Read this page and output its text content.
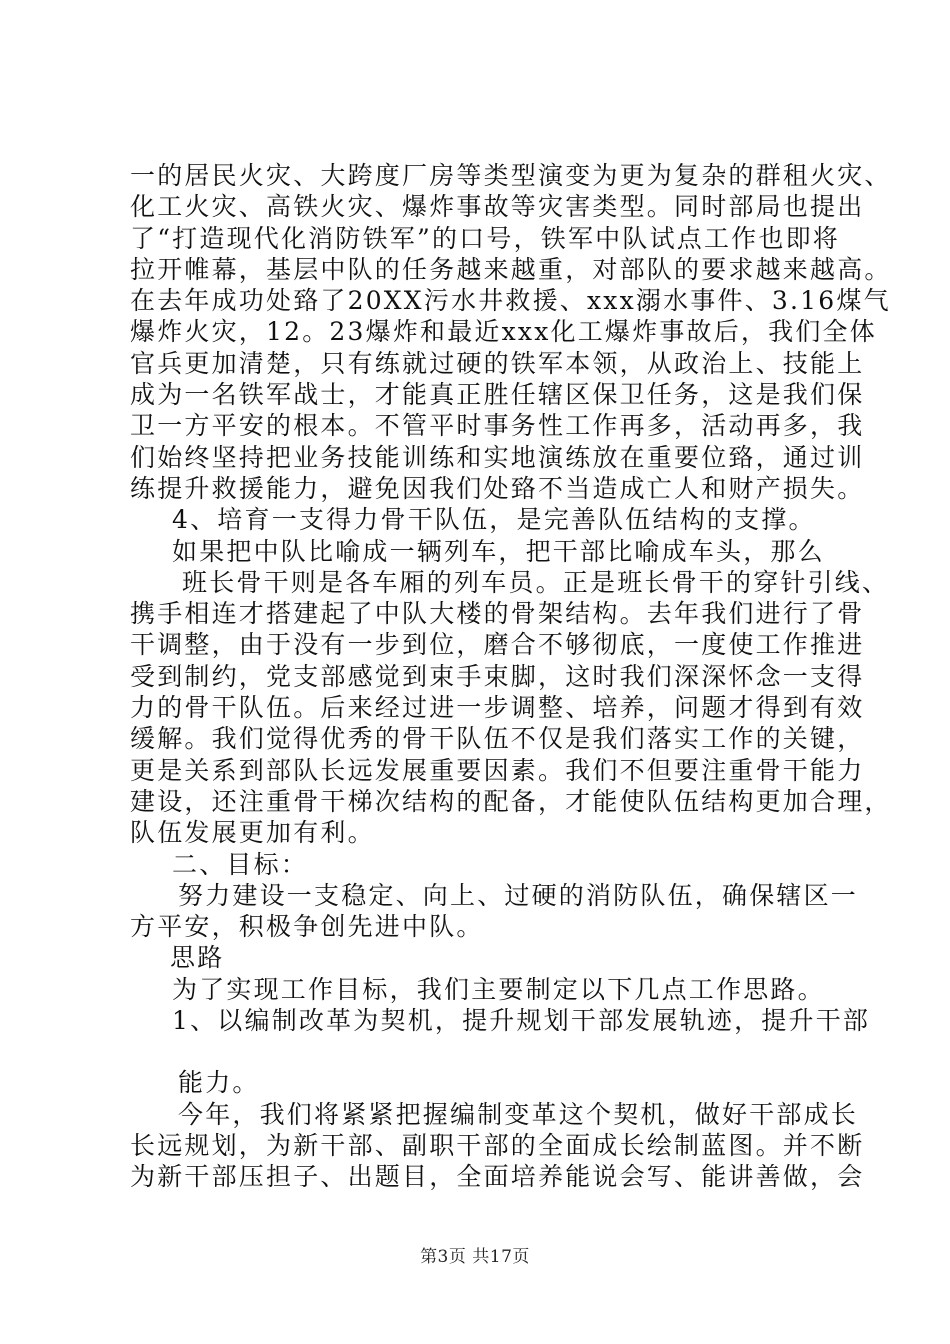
一的居民火灾、大跨度厂房等类型演变为更为复杂的群租火灾、
化工火灾、高铁火灾、爆炸事故等灾害类型。同时部局也提出
了“打造现代化消防铁军”的口号，铁军中队试点工作也即将
拉开帷幕，基层中队的任务越来越重，对部队的要求越来越高。
在去年成功处臵了20XX污水井救援、xxx溺水事件、3.16煤气
爆炸火灾，12。23爆炸和最近xxx化工爆炸事故后，我们全体
官兵更加清楚，只有练就过硬的铁军本领，从政治上、技能上
成为一名铁军战士，才能真正胜任辖区保卫任务，这是我们保
卫一方平安的根本。不管平时事务性工作再多，活动再多，我
们始终坚持把业务技能训练和实地演练放在重要位臵，通过训
练提升救援能力，避免因我们处臵不当造成亡人和财产损失。
4、培育一支得力骨干队伍，是完善队伍结构的支撑。
如果把中队比喻成一辆列车，把干部比喻成车头，那么
班长骨干则是各车厢的列车员。正是班长骨干的穿针引线、
携手相连才搭建起了中队大楼的骨架结构。去年我们进行了骨
干调整，由于没有一步到位，磨合不够彻底，一度使工作推进
受到制约，党支部感觉到束手束脚，这时我们深深怀念一支得
力的骨干队伍。后来经过进一步调整、培养，问题才得到有效
缓解。我们觉得优秀的骨干队伍不仅是我们落实工作的关键，
更是关系到部队长远发展重要因素。我们不但要注重骨干能力
建设，还注重骨干梯次结构的配备，才能使队伍结构更加合理，
队伍发展更加有利。
二、目标：
努力建设一支稳定、向上、过硬的消防队伍，确保辖区一
方平安，积极争创先进中队。
思路
为了实现工作目标，我们主要制定以下几点工作思路。
1、以编制改革为契机，提升规划干部发展轨迹，提升干部
能力。
今年，我们将紧紧把握编制变革这个契机，做好干部成长
长远规划，为新干部、副职干部的全面成长绘制蓝图。并不断
为新干部压担子、出题目，全面培养能说会写、能讲善做，会
第3页 共17页
